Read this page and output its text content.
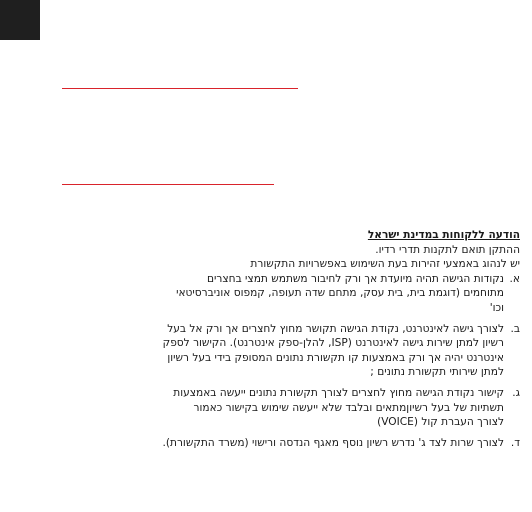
הודעה ללקוחות במדינת ישראל

ההתקן תואם לתקנות תדרי רדיו.

יש לנהוג באמצעי זהירות בעת השימוש באפשרויות התקשורת

א.

נקודות הגישה תהיה מיועדת אך ורק לחיבור משתמש תמצי בחצרים

מתוחמים (דוגמת בית, בית עסק, מתחם שדה תעופה, קמפוס אוניברסיטאי

וכו'

ב.

לצורך גישה לאינטרנט, נקודת הגישה תקושר מחוץ לחצרים אך ורק אל בעל

רשיון למתן שירות גישה לאינטרנט (ISP, להלן-ספק אינטרנט). הקישור לספק

אינטרנט יהיה אך ורק באמצעות קו תקשורת נתונים המסופק בידי בעל רשיון

למתן שירותי תקשורת נתונים ;

ג.

קישור נקודת הגישה מחוץ לחצרים לצורך תקשורת נתונים ייעשה באמצעות

תשתיות של בעל רשיוןמתאים ובלבד שלא ייעשה שימוש בקישור כאמור

לצורך העברת קול (VOICE)

ד.

לצורך שרות לצד ג' נדרש רשיון נוסף מאגף הנדסה ורישוי (משרד התקשורת).
